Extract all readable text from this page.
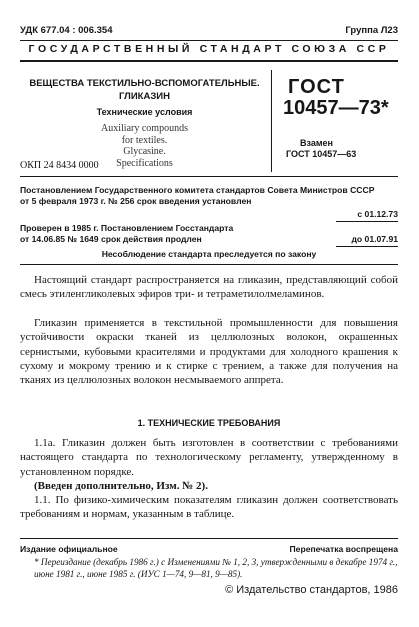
УДК 677.04 : 006.354	Группа Л23
ГОСУДАРСТВЕННЫЙ СТАНДАРТ СОЮЗА ССР
ВЕЩЕСТВА ТЕКСТИЛЬНО-ВСПОМОГАТЕЛЬНЫЕ.
ГЛИКАЗИН
Технические условия
Auxiliary compounds
for textiles.
Glycasine.
Specifications
ОКП 24 8434 0000
ГОСТ
10457—73*
Взамен
ГОСТ 10457—63
Постановлением Государственного комитета стандартов Совета Министров СССР
от 5 февраля 1973 г. № 256 срок введения установлен
с 01.12.73
Проверен в 1985 г. Постановлением Госстандарта
от 14.06.85 № 1649 срок действия продлен	до 01.07.91
Несоблюдение стандарта преследуется по закону

Настоящий стандарт распространяется на гликазин, представляющий собой смесь этиленгликолевых эфиров три- и тетраметилолмеламинов.

Гликазин применяется в текстильной промышленности для повышения устойчивости окраски тканей из целлюлозных волокон, окрашенных сернистыми, кубовыми красителями и продуктами для холодного крашения к сухому и мокрому трению и к стирке с трением, а также для получения на тканях из целлюлозных волокон несмываемого аппрета.

1. ТЕХНИЧЕСКИЕ ТРЕБОВАНИЯ

1.1а. Гликазин должен быть изготовлен в соответствии с требованиями настоящего стандарта по технологическому регламенту, утвержденному в установленном порядке.

(Введен дополнительно, Изм. № 2).

1.1. По физико-химическим показателям гликазин должен соответствовать требованиям и нормам, указанным в таблице.

Издание официальное	Перепечатка воспрещена
* Переиздание (декабрь 1986 г.) с Изменениями № 1, 2, 3, утвержденными в декабре 1974 г., июне 1981 г., июне 1985 г. (ИУС 1—74, 9—81, 9—85).
© Издательство стандартов, 1986
